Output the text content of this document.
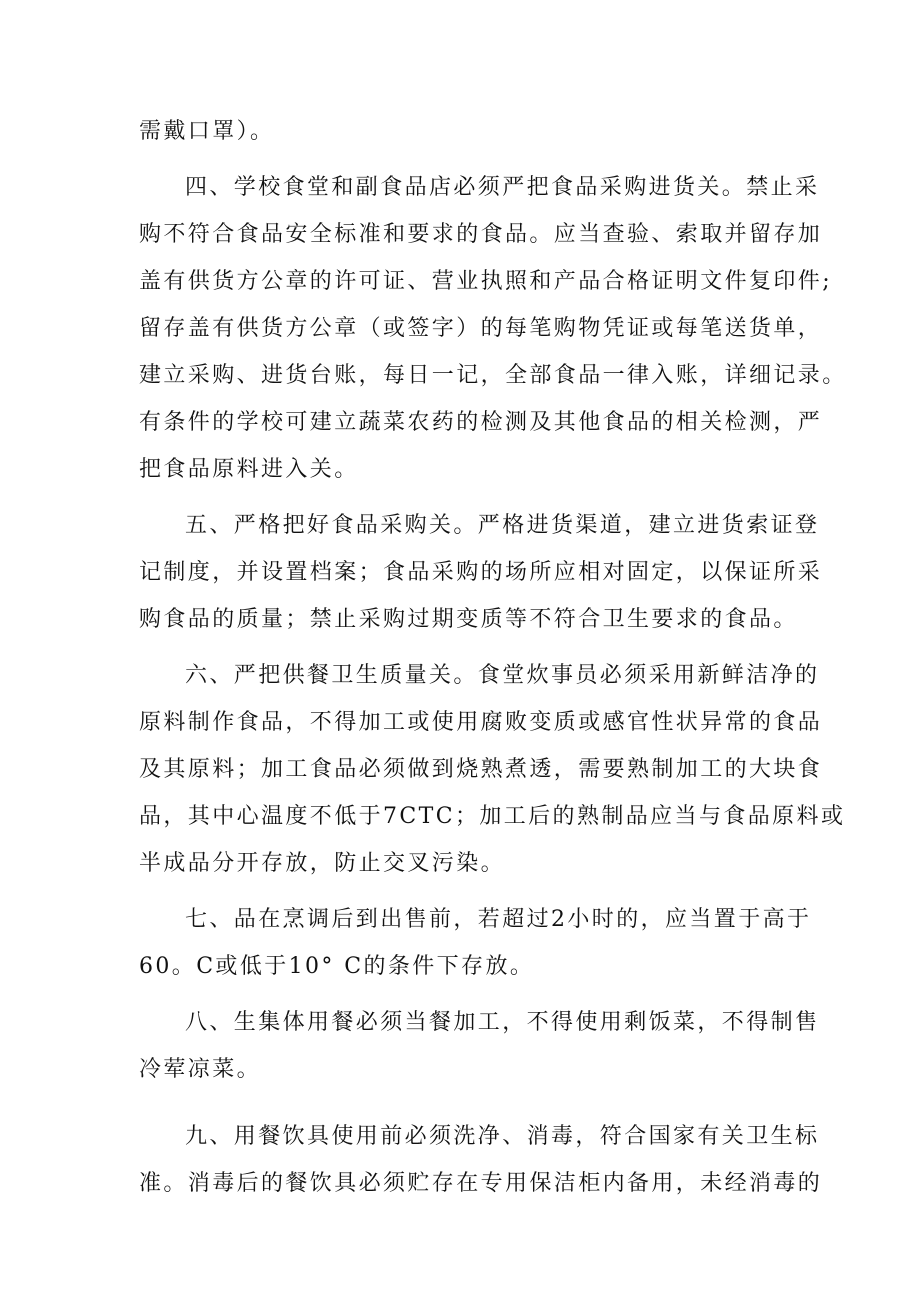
需戴口罩）。
四、学校食堂和副食品店必须严把食品采购进货关。禁止采
购不符合食品安全标准和要求的食品。应当查验、索取并留存加
盖有供货方公章的许可证、营业执照和产品合格证明文件复印件;
留存盖有供货方公章（或签字）的每笔购物凭证或每笔送货单，
建立采购、进货台账，每日一记，全部食品一律入账，详细记录。
有条件的学校可建立蔬菜农药的检测及其他食品的相关检测，严
把食品原料进入关。
五、严格把好食品采购关。严格进货渠道，建立进货索证登
记制度，并设置档案；食品采购的场所应相对固定，以保证所采
购食品的质量；禁止采购过期变质等不符合卫生要求的食品。
六、严把供餐卫生质量关。食堂炊事员必须采用新鲜洁净的
原料制作食品，不得加工或使用腐败变质或感官性状异常的食品
及其原料；加工食品必须做到烧熟煮透，需要熟制加工的大块食
品，其中心温度不低于7CTC；加工后的熟制品应当与食品原料或
半成品分开存放，防止交叉污染。
七、品在烹调后到出售前，若超过2小时的，应当置于高于
60。C或低于10° C的条件下存放。
八、生集体用餐必须当餐加工，不得使用剩饭菜，不得制售
冷荤凉菜。
九、用餐饮具使用前必须洗净、消毒，符合国家有关卫生标
准。消毒后的餐饮具必须贮存在专用保洁柜内备用，未经消毒的
